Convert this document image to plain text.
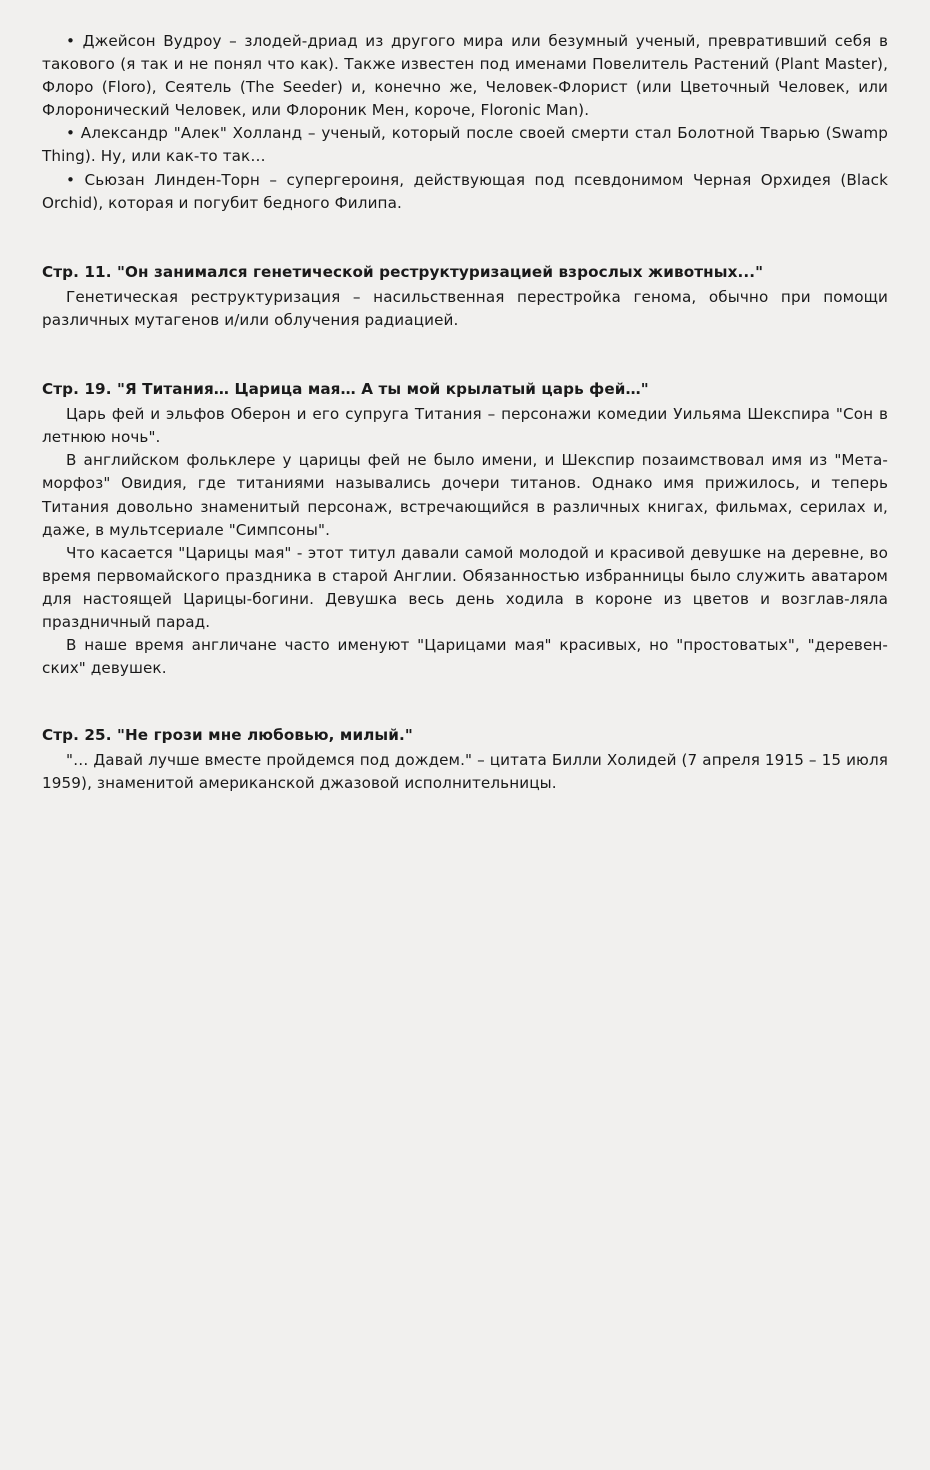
• Джейсон Вудроу – злодей-дриад из другого мира или безумный ученый, превративший себя в такового (я так и не понял что как). Также известен под именами Повелитель Растений (Plant Master), Флоро (Floro), Сеятель (The Seeder) и, конечно же, Человек-Флорист (или Цветочный Человек, или Флоронический Человек, или Флороник Мен, короче, Floronic Man).

• Александр "Алек" Холланд – ученый, который после своей смерти стал Болотной Тварью (Swamp Thing). Ну, или как-то так…

• Сьюзан Линден-Торн – супергероиня, действующая под псевдонимом Черная Орхидея (Black Orchid), которая и погубит бедного Филипа.

Стр. 11. "Он занимался генетической реструктуризацией взрослых животных..."

Генетическая реструктуризация – насильственная перестройка генома, обычно при помощи различных мутагенов и/или облучения радиацией.

Стр. 19. "Я Титания… Царица мая… А ты мой крылатый царь фей…"

Царь фей и эльфов Оберон и его супруга Титания – персонажи комедии Уильяма Шекспира "Сон в летнюю ночь".

В английском фольклере у царицы фей не было имени, и Шекспир позаимствовал имя из "Мета-морфоз" Овидия, где титаниями назывались дочери титанов. Однако имя прижилось, и теперь Титания довольно знаменитый персонаж, встречающийся в различных книгах, фильмах, серилах и, даже, в мультсериале "Симпсоны".

Что касается "Царицы мая" - этот титул давали самой молодой и красивой девушке на деревне, во время первомайского праздника в старой Англии. Обязанностью избранницы было служить аватаром для настоящей Царицы-богини. Девушка весь день ходила в короне из цветов и возглав-ляла праздничный парад.

В наше время англичане часто именуют "Царицами мая" красивых, но "простоватых", "деревен-ских" девушек.

Стр. 25. "Не грози мне любовью, милый."

"… Давай лучше вместе пройдемся под дождем." – цитата Билли Холидей (7 апреля 1915 – 15 июля 1959), знаменитой американской джазовой исполнительницы.
